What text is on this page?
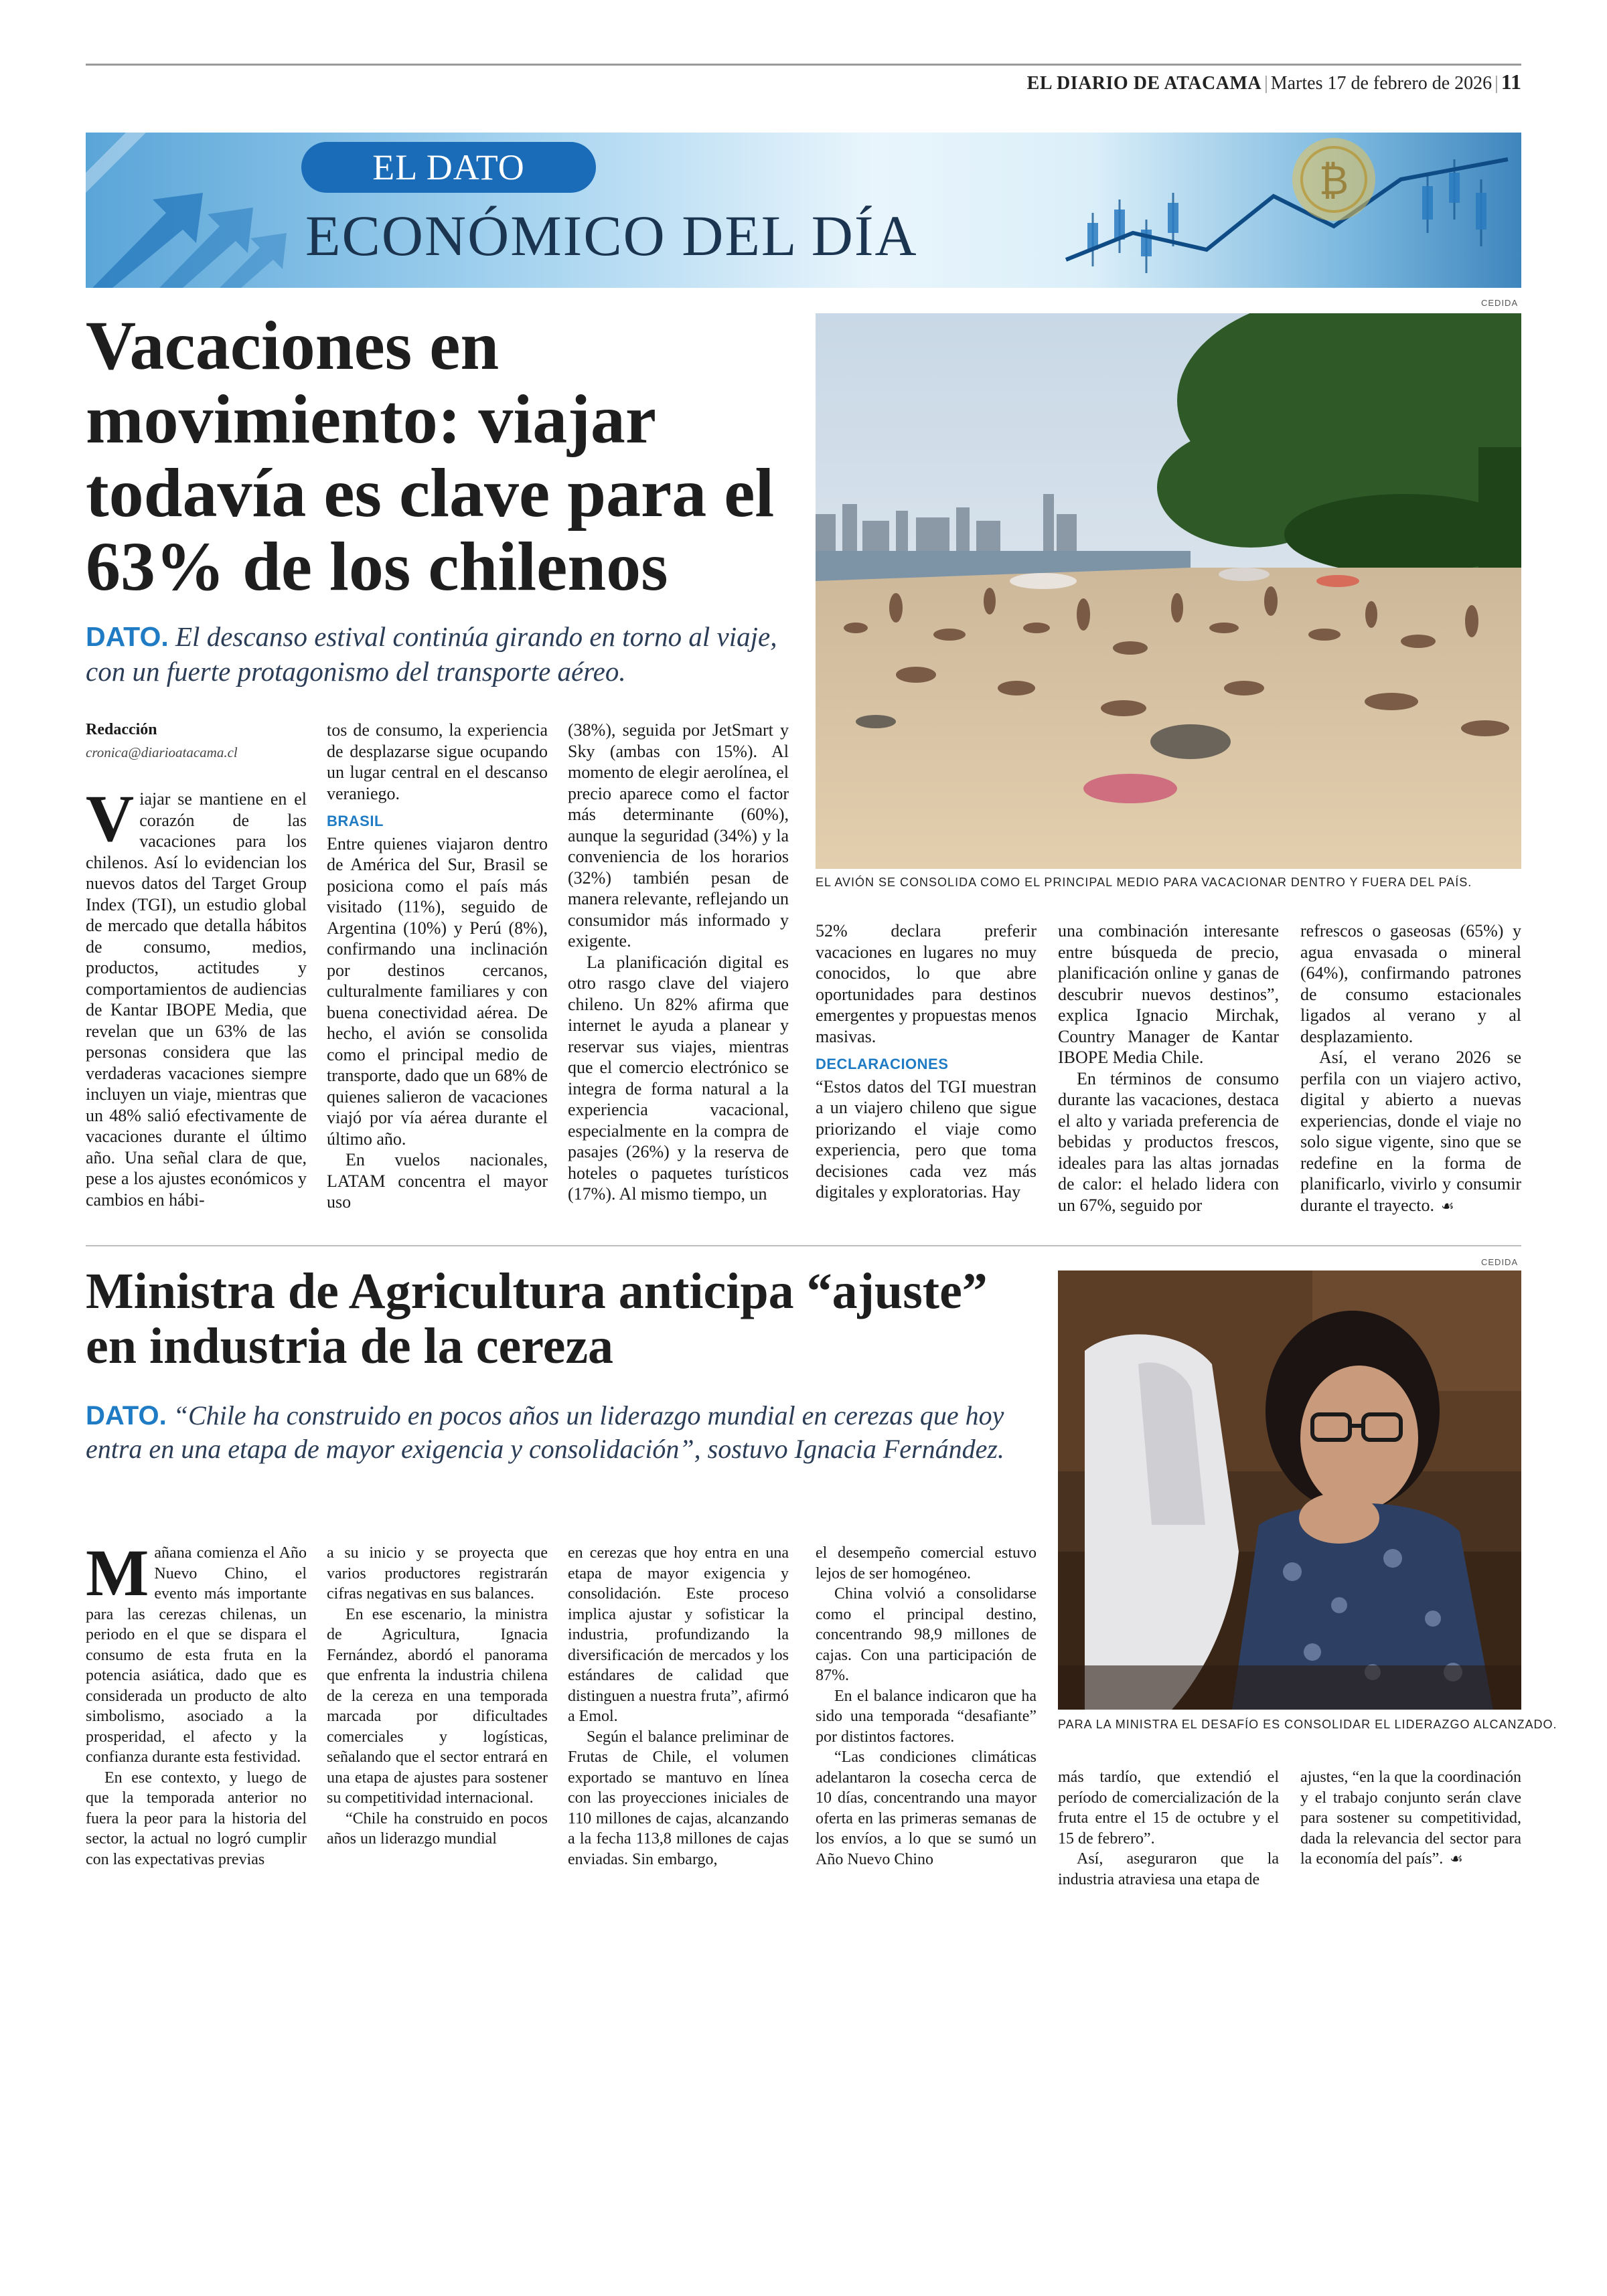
EL DIARIO DE ATACAMA | Martes 17 de febrero de 2026 | 11
₿
EL DATO
ECONÓMICO DEL DÍA
Vacaciones en movimiento: viajar todavía es clave para el 63% de los chilenos
DATO. El descanso estival continúa girando en torno al viaje, con un fuerte protagonismo del transporte aéreo.
CEDIDA
EL AVIÓN SE CONSOLIDA COMO EL PRINCIPAL MEDIO PARA VACACIONAR DENTRO Y FUERA DEL PAÍS.

Redacción

cronica@diarioatacama.cl

V iajar se mantiene en el corazón de las vacaciones para los chilenos. Así lo evidencian los nuevos datos del Target Group Index (TGI), un estudio global de mercado que detalla hábitos de consumo, medios, productos, actitudes y comportamientos de audiencias de Kantar IBOPE Media, que revelan que un 63% de las personas considera que las verdaderas vacaciones siempre incluyen un viaje, mientras que un 48% salió efectivamente de vacaciones durante el último año. Una señal clara de que, pese a los ajustes económicos y cambios en hábi-

tos de consumo, la experiencia de desplazarse sigue ocupando un lugar central en el descanso veraniego.

BRASIL

Entre quienes viajaron dentro de América del Sur, Brasil se posiciona como el país más visitado (11%), seguido de Argentina (10%) y Perú (8%), confirmando una inclinación por destinos cercanos, culturalmente familiares y con buena conectividad aérea. De hecho, el avión se consolida como el principal medio de transporte, dado que un 68% de quienes salieron de vacaciones viajó por vía aérea durante el último año.

En vuelos nacionales, LATAM concentra el mayor uso

(38%), seguida por JetSmart y Sky (ambas con 15%). Al momento de elegir aerolínea, el precio aparece como el factor más determinante (60%), aunque la seguridad (34%) y la conveniencia de los horarios (32%) también pesan de manera relevante, reflejando un consumidor más informado y exigente.

La planificación digital es otro rasgo clave del viajero chileno. Un 82% afirma que internet le ayuda a planear y reservar sus viajes, mientras que el comercio electrónico se integra de forma natural a la experiencia vacacional, especialmente en la compra de pasajes (26%) y la reserva de hoteles o paquetes turísticos (17%). Al mismo tiempo, un

52% declara preferir vacaciones en lugares no muy conocidos, lo que abre oportunidades para destinos emergentes y propuestas menos masivas.

DECLARACIONES

“Estos datos del TGI muestran a un viajero chileno que sigue priorizando el viaje como experiencia, pero que toma decisiones cada vez más digitales y exploratorias. Hay

una combinación interesante entre búsqueda de precio, planificación online y ganas de descubrir nuevos destinos”, explica Ignacio Mirchak, Country Manager de Kantar IBOPE Media Chile.

En términos de consumo durante las vacaciones, destaca el alto y variada preferencia de bebidas y productos frescos, ideales para las altas jornadas de calor: el helado lidera con un 67%, seguido por

refrescos o gaseosas (65%) y agua envasada o mineral (64%), confirmando patrones de consumo estacionales ligados al verano y al desplazamiento.

Así, el verano 2026 se perfila con un viajero activo, digital y abierto a nuevas experiencias, donde el viaje no solo sigue vigente, sino que se redefine en la forma de planificarlo, vivirlo y consumir durante el trayecto. ☙

Ministra de Agricultura anticipa “ajuste” en industria de la cereza
DATO. “Chile ha construido en pocos años un liderazgo mundial en cerezas que hoy entra en una etapa de mayor exigencia y consolidación”, sostuvo Ignacia Fernández.
CEDIDA
PARA LA MINISTRA EL DESAFÍO ES CONSOLIDAR EL LIDERAZGO ALCANZADO.
M añana comienza el Año Nuevo Chino, el evento más importante para las cerezas chilenas, un periodo en el que se dispara el consumo de esta fruta en la potencia asiática, dado que es considerada un producto de alto simbolismo, asociado a la prosperidad, el afecto y la confianza durante esta festividad.

En ese contexto, y luego de que la temporada anterior no fuera la peor para la historia del sector, la actual no logró cumplir con las expectativas previas

a su inicio y se proyecta que varios productores registrarán cifras negativas en sus balances.

En ese escenario, la ministra de Agricultura, Ignacia Fernández, abordó el panorama que enfrenta la industria chilena de la cereza en una temporada marcada por dificultades comerciales y logísticas, señalando que el sector entrará en una etapa de ajustes para sostener su competitividad internacional.

“Chile ha construido en pocos años un liderazgo mundial

en cerezas que hoy entra en una etapa de mayor exigencia y consolidación. Este proceso implica ajustar y sofisticar la industria, profundizando la diversificación de mercados y los estándares de calidad que distinguen a nuestra fruta”, afirmó a Emol.

Según el balance preliminar de Frutas de Chile, el volumen exportado se mantuvo en línea con las proyecciones iniciales de 110 millones de cajas, alcanzando a la fecha 113,8 millones de cajas enviadas. Sin embargo,

el desempeño comercial estuvo lejos de ser homogéneo.

China volvió a consolidarse como el principal destino, concentrando 98,9 millones de cajas. Con una participación de 87%.

En el balance indicaron que ha sido una temporada “desafiante” por distintos factores.

“Las condiciones climáticas adelantaron la cosecha cerca de 10 días, concentrando una mayor oferta en las primeras semanas de los envíos, a lo que se sumó un Año Nuevo Chino

más tardío, que extendió el período de comercialización de la fruta entre el 15 de octubre y el 15 de febrero”.

Así, aseguraron que la industria atraviesa una etapa de

ajustes, “en la que la coordinación y el trabajo conjunto serán clave para sostener su competitividad, dada la relevancia del sector para la economía del país”. ☙
